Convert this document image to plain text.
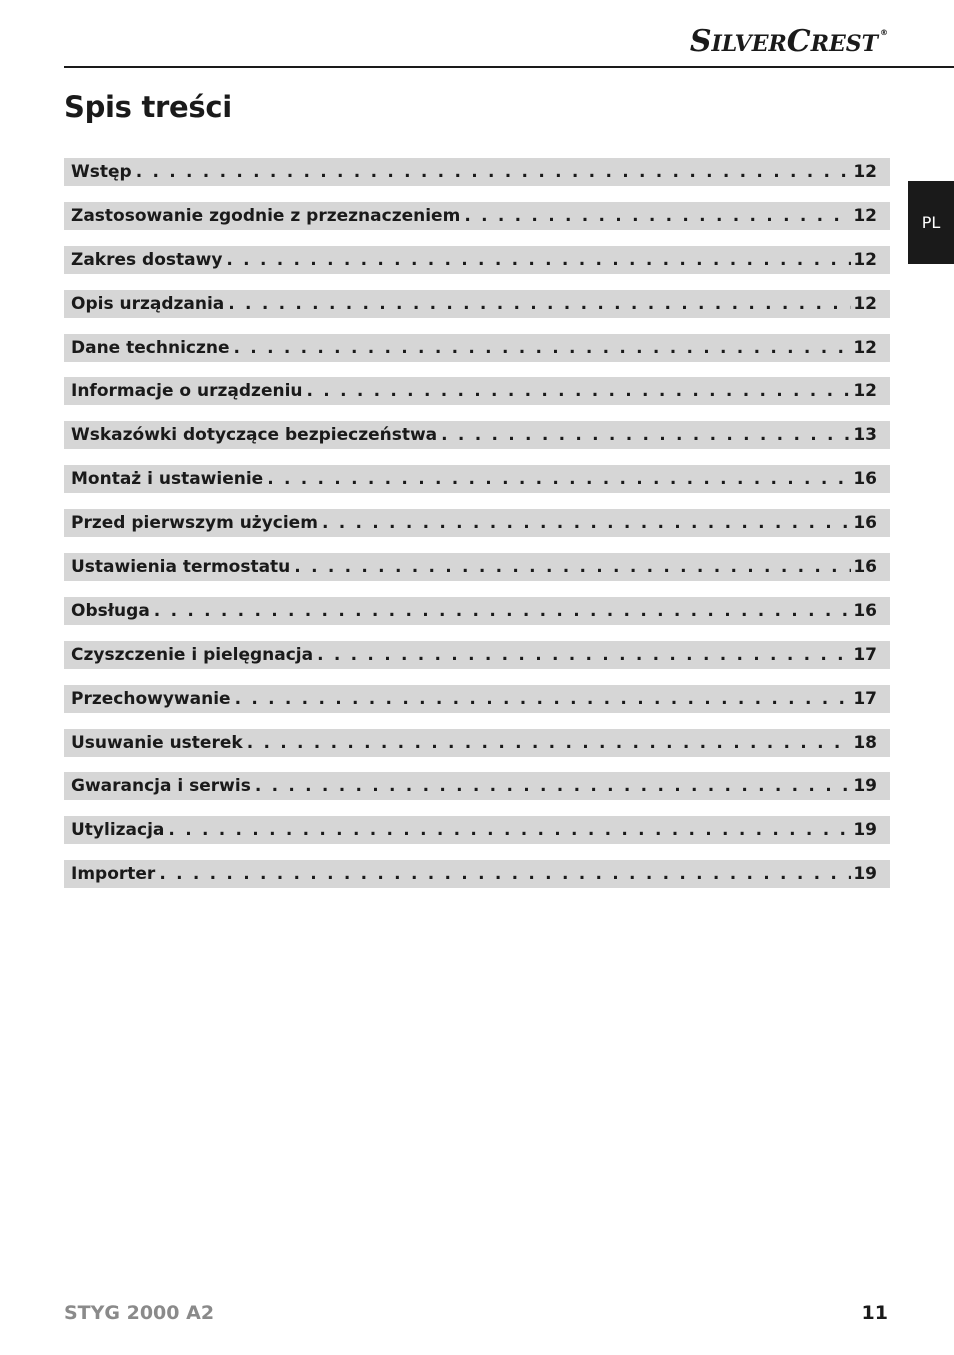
S ILVER C REST ®
Spis treści
PL
Wstęp . . .	12
Zastosowanie zgodnie z przeznaczeniem . . .	12
Zakres dostawy . . .	12
Opis urządzania . . .	12
Dane techniczne . . .	12
Informacje o urządzeniu . . .	12
Wskazówki dotyczące bezpieczeństwa . . .	13
Montaż i ustawienie . . .	16
Przed pierwszym użyciem . . .	16
Ustawienia termostatu . . .	16
Obsługa . . .	16
Czyszczenie i pielęgnacja . . .	17
Przechowywanie . . .	17
Usuwanie usterek . . .	18
Gwarancja i serwis . . .	19
Utylizacja . . .	19
Importer . . .	19
STYG 2000 A2	11
